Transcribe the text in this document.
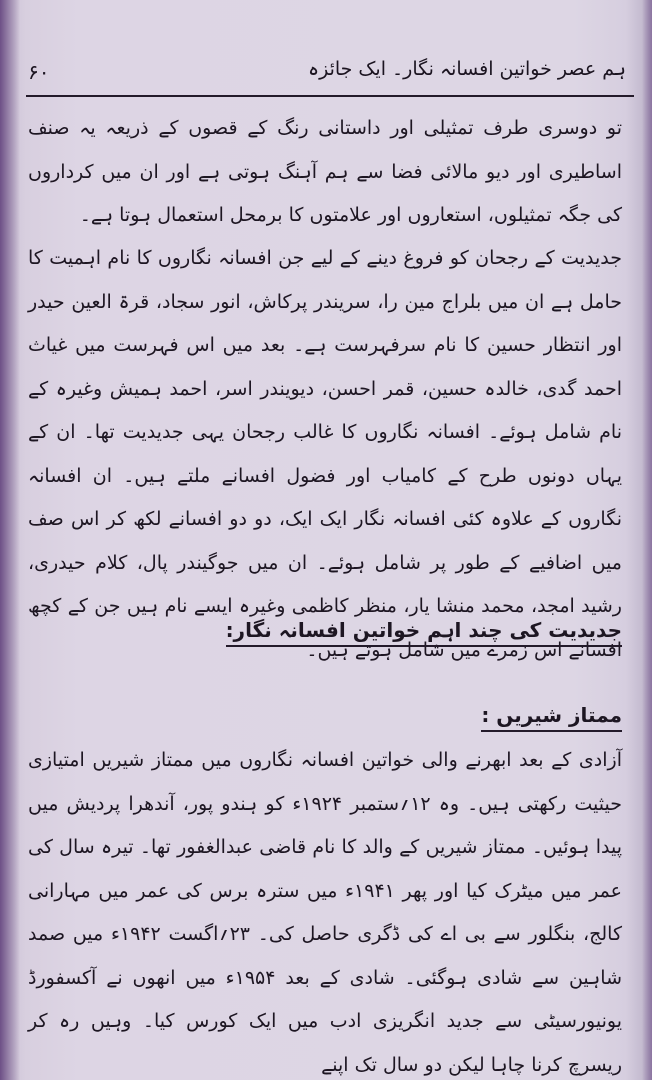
۶۰	ہم عصر خواتین افسانہ نگار۔ ایک جائزہ

تو دوسری طرف تمثیلی اور داستانی رنگ کے قصوں کے ذریعہ یہ صنف اساطیری اور دیو مالائی فضا سے ہم آہنگ ہوتی ہے اور ان میں کرداروں کی جگہ تمثیلوں، استعاروں اور علامتوں کا برمحل استعمال ہوتا ہے۔

جدیدیت کے رجحان کو فروغ دینے کے لیے جن افسانہ نگاروں کا نام اہمیت کا حامل ہے ان میں بلراج مین را، سریندر پرکاش، انور سجاد، قرۃ العین حیدر اور انتظار حسین کا نام سرفہرست ہے۔ بعد میں اس فہرست میں غیاث احمد گدی، خالدہ حسین، قمر احسن، دیویندر اسر، احمد ہمیش وغیرہ کے نام شامل ہوئے۔ افسانہ نگاروں کا غالب رجحان یہی جدیدیت تھا۔ ان کے یہاں دونوں طرح کے کامیاب اور فضول افسانے ملتے ہیں۔ ان افسانہ نگاروں کے علاوہ کئی افسانہ نگار ایک ایک، دو دو افسانے لکھ کر اس صف میں اضافیے کے طور پر شامل ہوئے۔ ان میں جوگیندر پال، کلام حیدری، رشید امجد، محمد منشا یار، منظر کاظمی وغیرہ ایسے نام ہیں جن کے کچھ افسانے اس زمرے میں شامل ہوتے ہیں۔

جدیدیت کی چند اہم خواتین افسانہ نگار:
ممتاز شیریں :

آزادی کے بعد ابھرنے والی خواتین افسانہ نگاروں میں ممتاز شیریں امتیازی حیثیت رکھتی ہیں۔ وہ ۱۲؍ستمبر ۱۹۲۴ء کو ہندو پور، آندھرا پردیش میں پیدا ہوئیں۔ ممتاز شیریں کے والد کا نام قاضی عبدالغفور تھا۔ تیرہ سال کی عمر میں میٹرک کیا اور پھر ۱۹۴۱ء میں سترہ برس کی عمر میں مہارانی کالج، بنگلور سے بی اے کی ڈگری حاصل کی۔ ۲۳؍اگست ۱۹۴۲ء میں صمد شاہین سے شادی ہوگئی۔ شادی کے بعد ۱۹۵۴ء میں انھوں نے آکسفورڈ یونیورسیٹی سے جدید انگریزی ادب میں ایک کورس کیا۔ وہیں رہ کر ریسرچ کرنا چاہا لیکن دو سال تک اپنے
